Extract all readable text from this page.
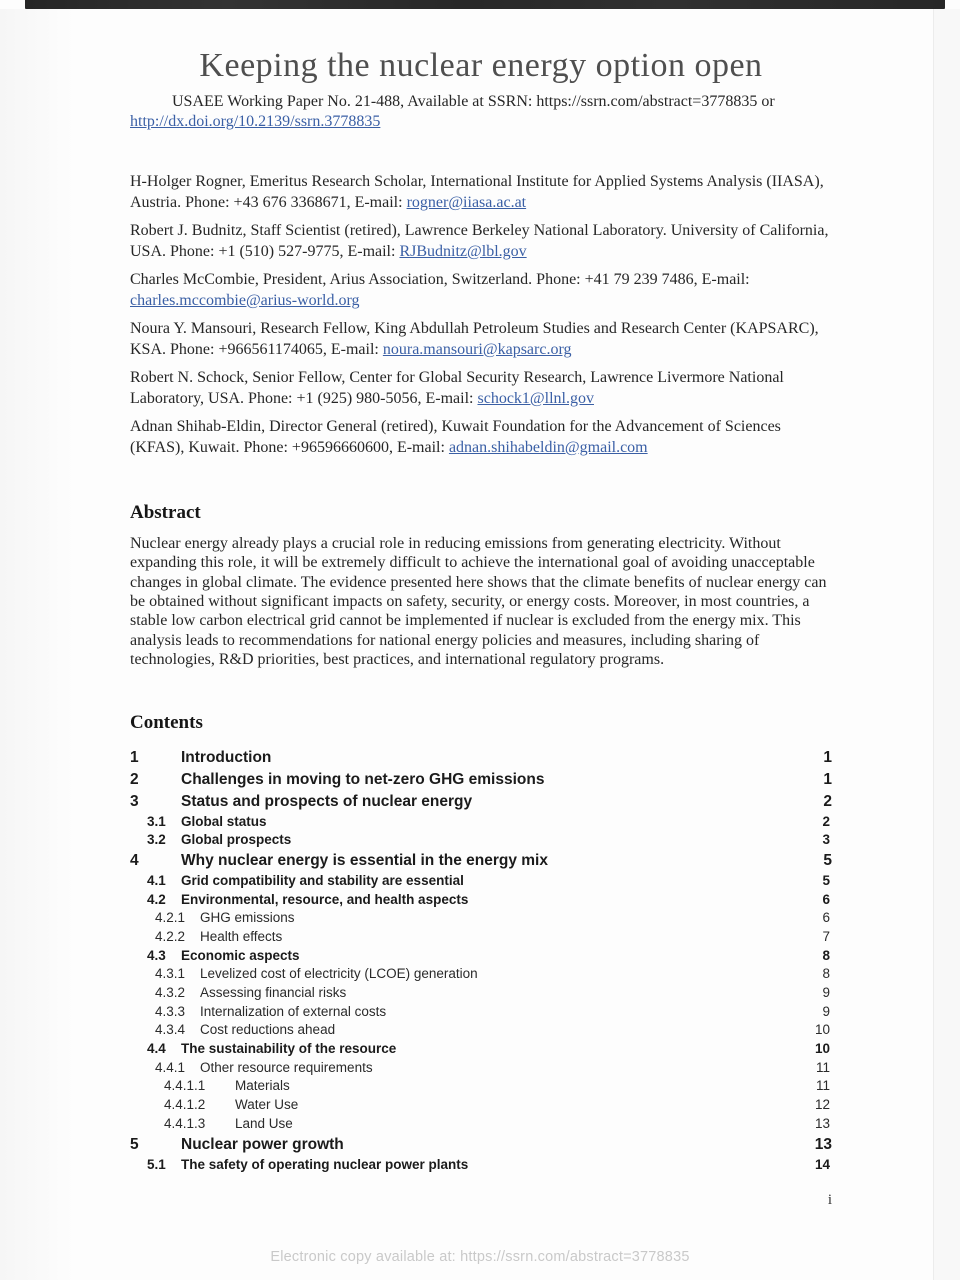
Keeping the nuclear energy option open

USAEE Working Paper No. 21-488, Available at SSRN: https://ssrn.com/abstract=3778835 or
http://dx.doi.org/10.2139/ssrn.3778835

H-Holger Rogner, Emeritus Research Scholar, International Institute for Applied Systems Analysis (IIASA), Austria. Phone: +43 676 3368671, E-mail: rogner@iiasa.ac.at

Robert J. Budnitz, Staff Scientist (retired), Lawrence Berkeley National Laboratory. University of California, USA. Phone: +1 (510) 527-9775, E-mail: RJBudnitz@lbl.gov

Charles McCombie, President, Arius Association, Switzerland. Phone: +41 79 239 7486, E-mail: charles.mccombie@arius-world.org

Noura Y. Mansouri, Research Fellow, King Abdullah Petroleum Studies and Research Center (KAPSARC), KSA. Phone: +966561174065, E-mail: noura.mansouri@kapsarc.org

Robert N. Schock, Senior Fellow, Center for Global Security Research, Lawrence Livermore National Laboratory, USA. Phone: +1 (925) 980-5056, E-mail: schock1@llnl.gov

Adnan Shihab-Eldin, Director General (retired), Kuwait Foundation for the Advancement of Sciences (KFAS), Kuwait. Phone: +96596660600, E-mail: adnan.shihabeldin@gmail.com

Abstract

Nuclear energy already plays a crucial role in reducing emissions from generating electricity. Without expanding this role, it will be extremely difficult to achieve the international goal of avoiding unacceptable changes in global climate. The evidence presented here shows that the climate benefits of nuclear energy can be obtained without significant impacts on safety, security, or energy costs. Moreover, in most countries, a stable low carbon electrical grid cannot be implemented if nuclear is excluded from the energy mix. This analysis leads to recommendations for national energy policies and measures, including sharing of technologies, R&D priorities, best practices, and international regulatory programs.

Contents
1	Introduction	1
2	Challenges in moving to net-zero GHG emissions	1
3	Status and prospects of nuclear energy	2
3.1	Global status	2
3.2	Global prospects	3
4	Why nuclear energy is essential in the energy mix	5
4.1	Grid compatibility and stability are essential	5
4.2	Environmental, resource, and health aspects	6
4.2.1	GHG emissions	6
4.2.2	Health effects	7
4.3	Economic aspects	8
4.3.1	Levelized cost of electricity (LCOE) generation	8
4.3.2	Assessing financial risks	9
4.3.3	Internalization of external costs	9
4.3.4	Cost reductions ahead	10
4.4	The sustainability of the resource	10
4.4.1	Other resource requirements	11
4.4.1.1	Materials	11
4.4.1.2	Water Use	12
4.4.1.3	Land Use	13
5	Nuclear power growth	13
5.1	The safety of operating nuclear power plants	14
i
Electronic copy available at: https://ssrn.com/abstract=3778835
